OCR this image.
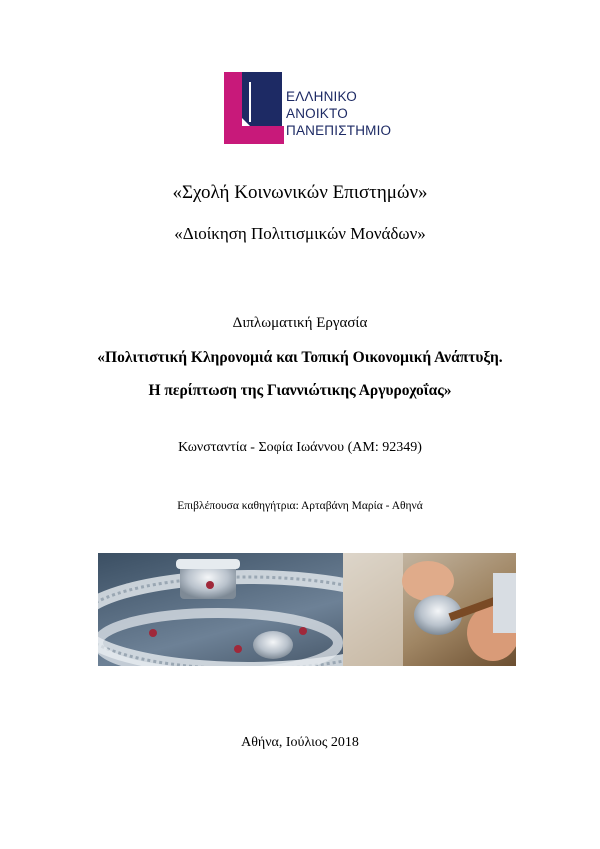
ΕΛΛΗΝΙΚΟ
ΑΝΟΙΚΤΟ
ΠΑΝΕΠΙΣΤΗΜΙΟ
«Σχολή Κοινωνικών Επιστημών»
«Διοίκηση Πολιτισμικών Μονάδων»
Διπλωματική Εργασία
«Πολιτιστική Κληρονομιά και Τοπική Οικονομική Ανάπτυξη.
Η περίπτωση της Γιαννιώτικης Αργυροχοΐας»
Κωνσταντία - Σοφία Ιωάννου (ΑΜ: 92349)
Επιβλέπουσα καθηγήτρια: Αρταβάνη Μαρία - Αθηνά
Αθήνα, Ιούλιος 2018
